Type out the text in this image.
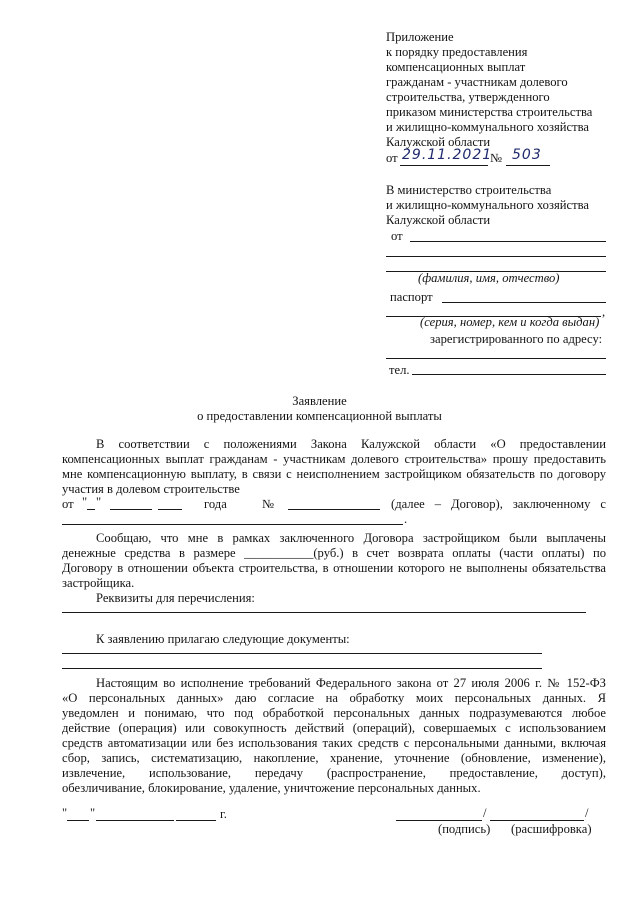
Приложение
к порядку предоставления
компенсационных выплат
гражданам - участникам долевого
строительства, утвержденного
приказом министерства строительства
и жилищно-коммунального хозяйства
Калужской области
от 29.11.2021
№ 503
В министерство строительства
и жилищно-коммунального хозяйства
Калужской области
от
(фамилия, имя, отчество)
паспорт
,
(серия, номер, кем и когда выдан)
зарегистрированного по адресу:
тел.
Заявление
о предоставлении компенсационной выплаты
В соответствии с положениями Закона Калужской области «О предоставлении
компенсационных выплат гражданам - участникам долевого строительства» прошу предоставить
мне компенсационную выплату, в связи с неисполнением застройщиком обязательств по договору
участия в долевом строительстве
от " "	года	№	(далее – Договор), заключенному с
.
Сообщаю, что мне в рамках заключенного Договора застройщиком были выплачены
денежные средства в размере ___________(руб.) в счет возврата оплаты (части оплаты) по
Договору в отношении объекта строительства, в отношении которого не выполнены обязательства
застройщика.
Реквизиты для перечисления:
К заявлению прилагаю следующие документы:
Настоящим во исполнение требований Федерального закона от 27 июля 2006 г. № 152-ФЗ
«О персональных данных» даю согласие на обработку моих персональных данных. Я
уведомлен и понимаю, что под обработкой персональных данных подразумеваются любое
действие (операция) или совокупность действий (операций), совершаемых с использованием
средств автоматизации или без использования таких средств с персональными данными, включая
сбор, запись, систематизацию, накопление, хранение, уточнение (обновление, изменение),
извлечение, использование, передачу (распространение, предоставление, доступ),
обезличивание, блокирование, удаление, уничтожение персональных данных.
" "	г.	/	/
(подпись) (расшифровка)
